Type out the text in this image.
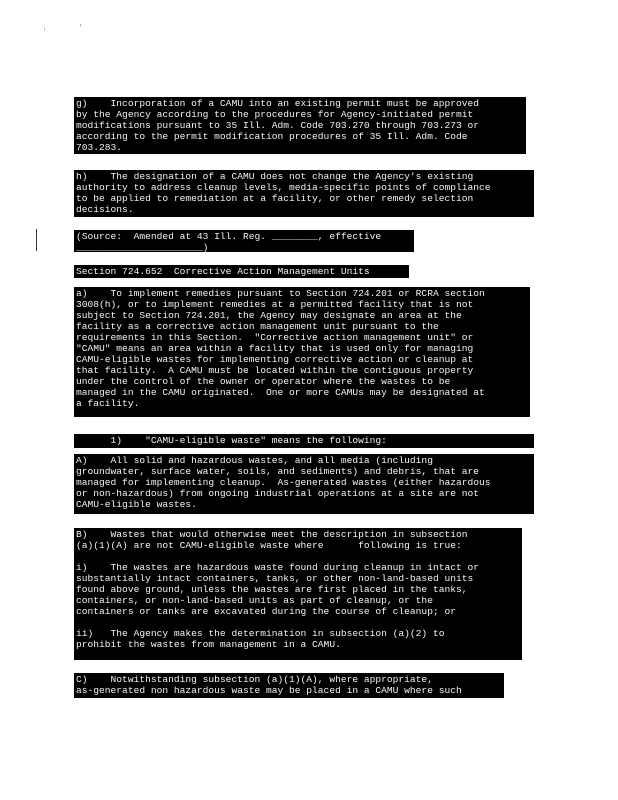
'	'
g)    Incorporation of a CAMU into an existing permit must be approved
by the Agency according to the procedures for Agency-initiated permit
modifications pursuant to 35 Ill. Adm. Code 703.270 through 703.273 or
according to the permit modification procedures of 35 Ill. Adm. Code
703.283.
h)    The designation of a CAMU does not change the Agency's existing
authority to address cleanup levels, media-specific points of compliance
to be applied to remediation at a facility, or other remedy selection
decisions.
(Source:  Amended at 43 Ill. Reg. ________, effective
______________________)
Section 724.652  Corrective Action Management Units
a)    To implement remedies pursuant to Section 724.201 or RCRA section
3008(h), or to implement remedies at a permitted facility that is not
subject to Section 724.201, the Agency may designate an area at the
facility as a corrective action management unit pursuant to the
requirements in this Section.  "Corrective action management unit" or
"CAMU" means an area within a facility that is used only for managing
CAMU-eligible wastes for implementing corrective action or cleanup at
that facility.  A CAMU must be located within the contiguous property
under the control of the owner or operator where the wastes to be
managed in the CAMU originated.  One or more CAMUs may be designated at
a facility.
1)    "CAMU-eligible waste" means the following:
A)    All solid and hazardous wastes, and all media (including
groundwater, surface water, soils, and sediments) and debris, that are
managed for implementing cleanup.  As-generated wastes (either hazardous
or non-hazardous) from ongoing industrial operations at a site are not
CAMU-eligible wastes.
B)    Wastes that would otherwise meet the description in subsection
(a)(1)(A) are not CAMU-eligible waste where      following is true:
i)    The wastes are hazardous waste found during cleanup in intact or
substantially intact containers, tanks, or other non-land-based units
found above ground, unless the wastes are first placed in the tanks,
containers, or non-land-based units as part of cleanup, or the
containers or tanks are excavated during the course of cleanup; or
ii)   The Agency makes the determination in subsection (a)(2) to
prohibit the wastes from management in a CAMU.
C)    Notwithstanding subsection (a)(1)(A), where appropriate,
as-generated non hazardous waste may be placed in a CAMU where such
